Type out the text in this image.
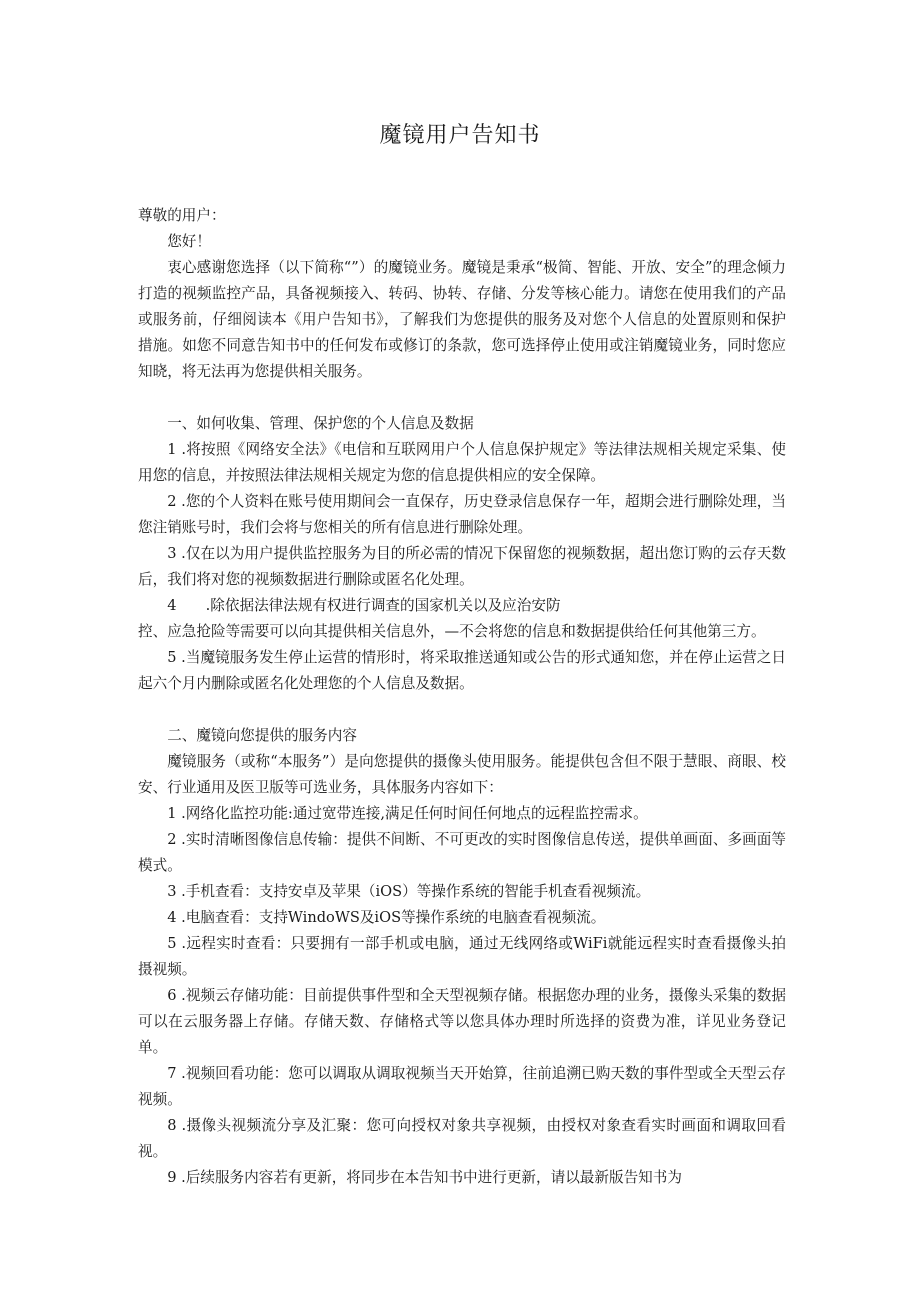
魔镜用户告知书

尊敬的用户：

您好！

衷心感谢您选择（以下简称“”）的魔镜业务。魔镜是秉承“极简、智能、开放、安全”的理念倾力打造的视频监控产品，具备视频接入、转码、协转、存储、分发等核心能力。请您在使用我们的产品或服务前，仔细阅读本《用户告知书》，了解我们为您提供的服务及对您个人信息的处置原则和保护措施。如您不同意告知书中的任何发布或修订的条款，您可选择停止使用或注销魔镜业务，同时您应知晓，将无法再为您提供相关服务。

一、如何收集、管理、保护您的个人信息及数据

1 .将按照《网络安全法》《电信和互联网用户个人信息保护规定》等法律法规相关规定采集、使用您的信息，并按照法律法规相关规定为您的信息提供相应的安全保障。

2 .您的个人资料在账号使用期间会一直保存，历史登录信息保存一年，超期会进行删除处理，当您注销账号时，我们会将与您相关的所有信息进行删除处理。

3 .仅在以为用户提供监控服务为目的所必需的情况下保留您的视频数据，超出您订购的云存天数后，我们将对您的视频数据进行删除或匿名化处理。

4　　.除依据法律法规有权进行调查的国家机关以及应治安防

控、应急抢险等需要可以向其提供相关信息外，—不会将您的信息和数据提供给任何其他第三方。

5 .当魔镜服务发生停止运营的情形时，将采取推送通知或公告的形式通知您，并在停止运营之日起六个月内删除或匿名化处理您的个人信息及数据。

二、魔镜向您提供的服务内容

魔镜服务（或称“本服务”）是向您提供的摄像头使用服务。能提供包含但不限于慧眼、商眼、校安、行业通用及医卫版等可选业务，具体服务内容如下：

1 .网络化监控功能:通过宽带连接,满足任何时间任何地点的远程监控需求。

2 .实时清晰图像信息传输：提供不间断、不可更改的实时图像信息传送，提供单画面、多画面等模式。

3 .手机查看：支持安卓及苹果（iOS）等操作系统的智能手机查看视频流。

4 .电脑查看：支持WindoWS及iOS等操作系统的电脑查看视频流。

5 .远程实时查看：只要拥有一部手机或电脑，通过无线网络或WiFi就能远程实时查看摄像头拍摄视频。

6 .视频云存储功能：目前提供事件型和全天型视频存储。根据您办理的业务，摄像头采集的数据可以在云服务器上存储。存储天数、存储格式等以您具体办理时所选择的资费为准，详见业务登记单。

7 .视频回看功能：您可以调取从调取视频当天开始算，往前追溯已购天数的事件型或全天型云存视频。

8 .摄像头视频流分享及汇聚：您可向授权对象共享视频，由授权对象查看实时画面和调取回看视。

9 .后续服务内容若有更新，将同步在本告知书中进行更新，请以最新版告知书为
